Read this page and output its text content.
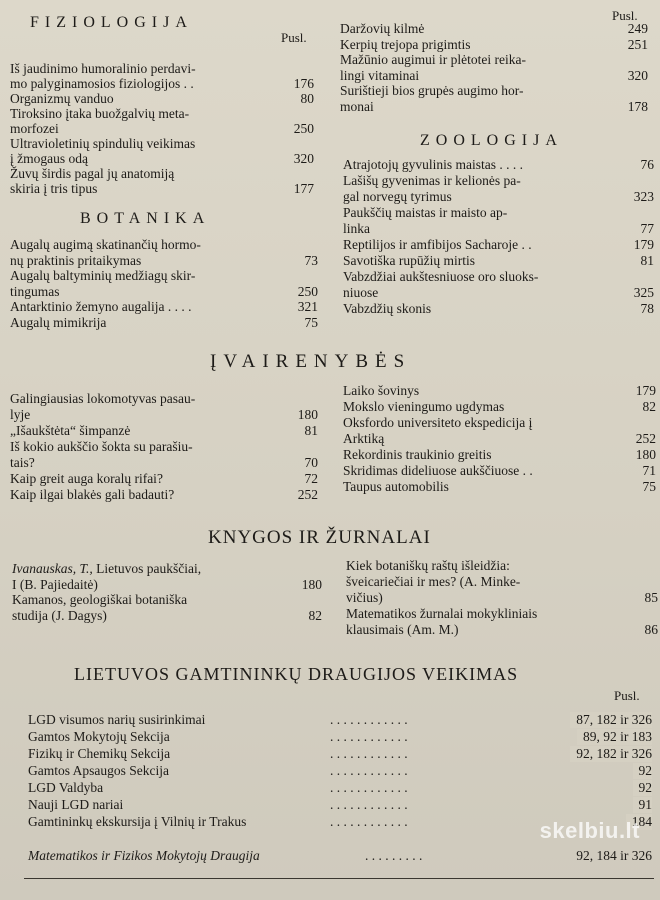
FIZIOLOGIJA
Pusl.
Iš jaudinimo humoralinio perdavi-
mo palyginamosios fiziologijos . .	176
Organizmų vanduo	80
Tiroksino įtaka buožgalvių meta-
morfozei	250
Ultravioletinių spindulių veikimas
į žmogaus odą	320
Žuvų širdis pagal jų anatomiją
skiria į tris tipus	177
BOTANIKA
Augalų augimą skatinančių hormo-
nų praktinis pritaikymas	73
Augalų baltyminių medžiagų skir-
tingumas	250
Antarktinio žemyno augalija . . . .	321
Augalų mimikrija	75
Pusl.
Daržovių kilmė	249
Kerpių trejopa prigimtis	251
Mažūnio augimui ir plėtotei reika-
lingi vitaminai	320
Surištieji bios grupės augimo hor-
monai	178
ZOOLOGIJA
Atrajotojų gyvulinis maistas . . . .	76
Lašišų gyvenimas ir kelionės pa-
gal norvegų tyrimus	323
Paukščių maistas ir maisto ap-
linka	77
Reptilijos ir amfibijos Sacharoje . .	179
Savotiška rupūžių mirtis	81
Vabzdžiai aukštesniuose oro sluoks-
niuose	325
Vabzdžių skonis	78
ĮVAIRENYBĖS
Galingiausias lokomotyvas pasau-
lyje	180
„Išaukštėta“ šimpanzė	81
Iš kokio aukščio šokta su parašiu-
tais?	70
Kaip greit auga koralų rifai?	72
Kaip ilgai blakės gali badauti?	252
Laiko šovinys	179
Mokslo vieningumo ugdymas	82
Oksfordo universiteto ekspedicija į
Arktiką	252
Rekordinis traukinio greitis	180
Skridimas dideliuose aukščiuose . .	71
Taupus automobilis	75
KNYGOS IR ŽURNALAI
Ivanauskas, T., Lietuvos paukščiai,
I (B. Pajiedaitė)	180
Kamanos, geologiškai botaniška
studija (J. Dagys)	82
Kiek botaniškų raštų išleidžia:
šveicariečiai ir mes? (A. Minke-
vičius)	85
Matematikos žurnalai mokykliniais
klausimais (Am. M.)	86
LIETUVOS GAMTININKŲ DRAUGIJOS VEIKIMAS
Pusl.
LGD visumos narių susirinkimai	. . . . . . . . . . . .	87, 182 ir 326
Gamtos Mokytojų Sekcija	. . . . . . . . . . . .	89, 92 ir 183
Fizikų ir Chemikų Sekcija	. . . . . . . . . . . .	92, 182 ir 326
Gamtos Apsaugos Sekcija	. . . . . . . . . . . .	92
LGD Valdyba	. . . . . . . . . . . .	92
Nauji LGD nariai	. . . . . . . . . . . .	91
Gamtininkų ekskursija į Vilnių ir Trakus	. . . . . . . . . . . .	184
Matematikos ir Fizikos Mokytojų Draugija	. . . . . . . . .	92, 184 ir 326
skelbiu.lt
